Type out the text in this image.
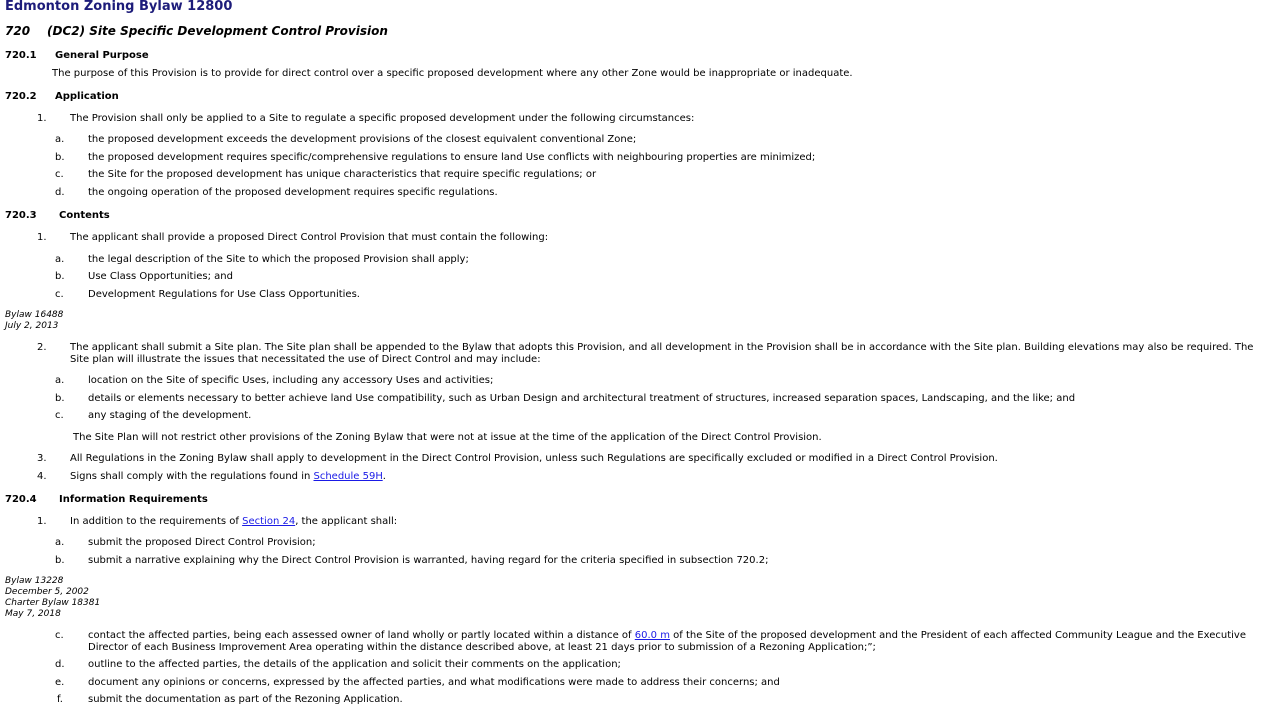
Edmonton Zoning Bylaw 12800
720 (DC2) Site Specific Development Control Provision
720.1 General Purpose
The purpose of this Provision is to provide for direct control over a specific proposed development where any other Zone would be inappropriate or inadequate.
720.2 Application
1. The Provision shall only be applied to a Site to regulate a specific proposed development under the following circumstances:
a. the proposed development exceeds the development provisions of the closest equivalent conventional Zone;
b. the proposed development requires specific/comprehensive regulations to ensure land Use conflicts with neighbouring properties are minimized;
c. the Site for the proposed development has unique characteristics that require specific regulations; or
d. the ongoing operation of the proposed development requires specific regulations.
720.3 Contents
1. The applicant shall provide a proposed Direct Control Provision that must contain the following:
a. the legal description of the Site to which the proposed Provision shall apply;
b. Use Class Opportunities; and
c. Development Regulations for Use Class Opportunities.
Bylaw 16488
July 2, 2013
2. The applicant shall submit a Site plan. The Site plan shall be appended to the Bylaw that adopts this Provision, and all development in the Provision shall be in accordance with the Site plan. Building elevations may also be required. The Site plan will illustrate the issues that necessitated the use of Direct Control and may include:
a. location on the Site of specific Uses, including any accessory Uses and activities;
b. details or elements necessary to better achieve land Use compatibility, such as Urban Design and architectural treatment of structures, increased separation spaces, Landscaping, and the like; and
c. any staging of the development.
The Site Plan will not restrict other provisions of the Zoning Bylaw that were not at issue at the time of the application of the Direct Control Provision.
3. All Regulations in the Zoning Bylaw shall apply to development in the Direct Control Provision, unless such Regulations are specifically excluded or modified in a Direct Control Provision.
4. Signs shall comply with the regulations found in Schedule 59H.
720.4 Information Requirements
1. In addition to the requirements of Section 24, the applicant shall:
a. submit the proposed Direct Control Provision;
b. submit a narrative explaining why the Direct Control Provision is warranted, having regard for the criteria specified in subsection 720.2;
Bylaw 13228
December 5, 2002
Charter Bylaw 18381
May 7, 2018
c. contact the affected parties, being each assessed owner of land wholly or partly located within a distance of 60.0 m of the Site of the proposed development and the President of each affected Community League and the Executive Director of each Business Improvement Area operating within the distance described above, at least 21 days prior to submission of a Rezoning Application;”;
d. outline to the affected parties, the details of the application and solicit their comments on the application;
e. document any opinions or concerns, expressed by the affected parties, and what modifications were made to address their concerns; and
f.	submit the documentation as part of the Rezoning Application.
